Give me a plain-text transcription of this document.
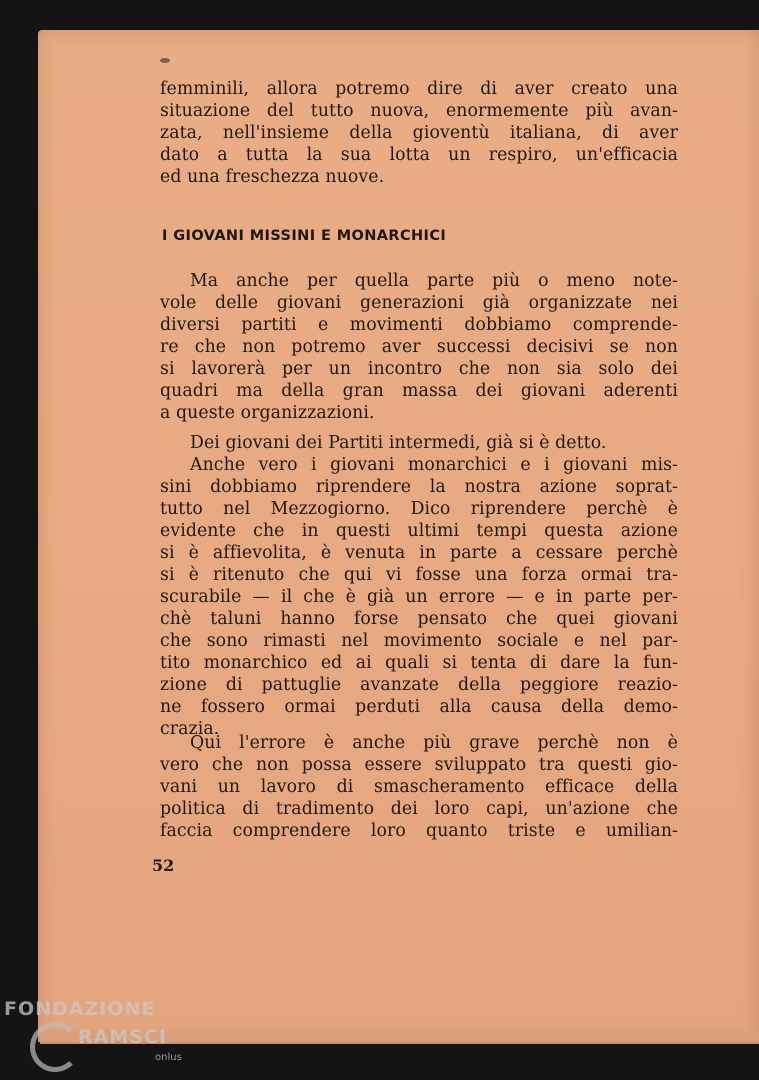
femminili, allora potremo dire di aver creato una
situazione del tutto nuova, enormemente più avan-
zata, nell'insieme della gioventù italiana, di aver
dato a tutta la sua lotta un respiro, un'efficacia
ed una freschezza nuove.
I GIOVANI MISSINI E MONARCHICI
Ma anche per quella parte più o meno note-
vole delle giovani generazioni già organizzate nei
diversi partiti e movimenti dobbiamo comprende-
re che non potremo aver successi decisivi se non
si lavorerà per un incontro che non sia solo dei
quadri ma della gran massa dei giovani aderenti
a queste organizzazioni.
Dei giovani dei Partiti intermedi, già si è detto.
Anche vero i giovani monarchici e i giovani mis-
sini dobbiamo riprendere la nostra azione soprat-
tutto nel Mezzogiorno. Dico riprendere perchè è
evidente che in questi ultimi tempi questa azione
si è affievolita, è venuta in parte a cessare perchè
si è ritenuto che qui vi fosse una forza ormai tra-
scurabile — il che è già un errore — e in parte per-
chè taluni hanno forse pensato che quei giovani
che sono rimasti nel movimento sociale e nel par-
tito monarchico ed ai quali si tenta di dare la fun-
zione di pattuglie avanzate della peggiore reazio-
ne fossero ormai perduti alla causa della demo-
crazia.
Qui l'errore è anche più grave perchè non è
vero che non possa essere sviluppato tra questi gio-
vani un lavoro di smascheramento efficace della
politica di tradimento dei loro capi, un'azione che
faccia comprendere loro quanto triste e umilian-
52
FONDAZIONE
RAMSCI
onlus
